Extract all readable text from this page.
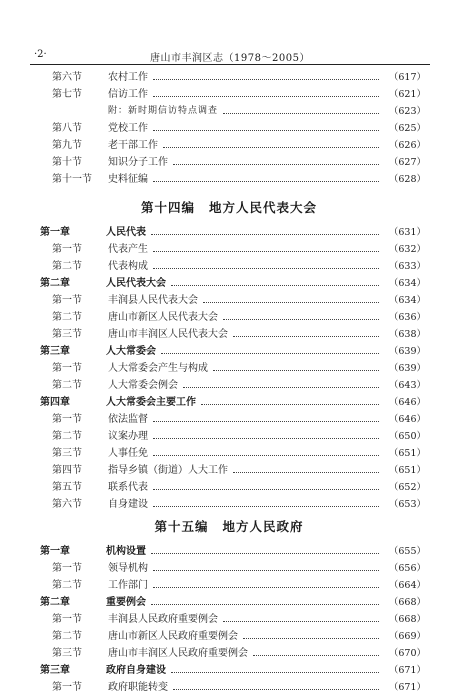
·2·	唐山市丰润区志（1978～2005）
第六节	农村工作	（617）
第七节	信访工作	（621）
附：新时期信访特点调查	（623）
第八节	党校工作	（625）
第九节	老干部工作	（626）
第十节	知识分子工作	（627）
第十一节	史料征编	（628）
第十四编 地方人民代表大会
第一章	人民代表	（631）
第一节	代表产生	（632）
第二节	代表构成	（633）
第二章	人民代表大会	（634）
第一节	丰润县人民代表大会	（634）
第二节	唐山市新区人民代表大会	（636）
第三节	唐山市丰润区人民代表大会	（638）
第三章	人大常委会	（639）
第一节	人大常委会产生与构成	（639）
第二节	人大常委会例会	（643）
第四章	人大常委会主要工作	（646）
第一节	依法监督	（646）
第二节	议案办理	（650）
第三节	人事任免	（651）
第四节	指导乡镇（街道）人大工作	（651）
第五节	联系代表	（652）
第六节	自身建设	（653）
第十五编 地方人民政府
第一章	机构设置	（655）
第一节	领导机构	（656）
第二节	工作部门	（664）
第二章	重要例会	（668）
第一节	丰润县人民政府重要例会	（668）
第二节	唐山市新区人民政府重要例会	（669）
第三节	唐山市丰润区人民政府重要例会	（670）
第三章	政府自身建设	（671）
第一节	政府职能转变	（671）
